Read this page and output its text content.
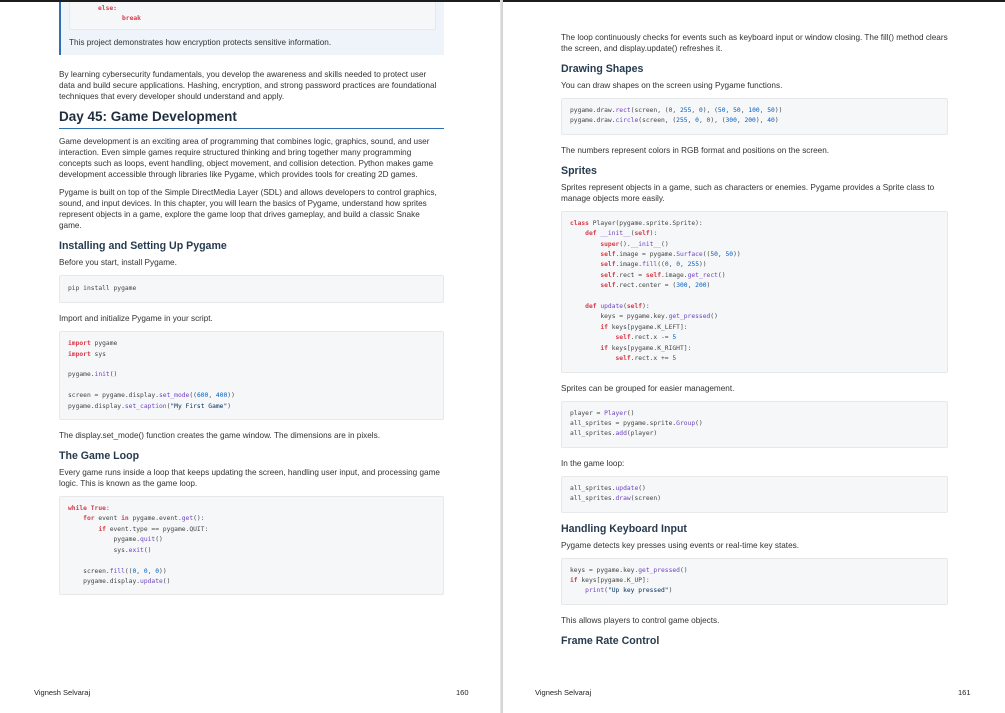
else:
break

This project demonstrates how encryption protects sensitive information.

By learning cybersecurity fundamentals, you develop the awareness and skills needed to protect user data and build secure applications. Hashing, encryption, and strong password practices are foundational techniques that every developer should understand and apply.

Day 45: Game Development

Game development is an exciting area of programming that combines logic, graphics, sound, and user interaction. Even simple games require structured thinking and bring together many programming concepts such as loops, event handling, object movement, and collision detection. Python makes game development accessible through libraries like Pygame, which provides tools for creating 2D games.

Pygame is built on top of the Simple DirectMedia Layer (SDL) and allows developers to control graphics, sound, and input devices. In this chapter, you will learn the basics of Pygame, understand how sprites represent objects in a game, explore the game loop that drives gameplay, and build a classic Snake game.

Installing and Setting Up Pygame

Before you start, install Pygame.

pip install pygame

Import and initialize Pygame in your script.

import pygame
import sys

pygame.init()

screen = pygame.display.set_mode((600, 400))
pygame.display.set_caption("My First Game")

The display.set_mode() function creates the game window. The dimensions are in pixels.

The Game Loop

Every game runs inside a loop that keeps updating the screen, handling user input, and processing game logic. This is known as the game loop.

while True:
for event in pygame.event.get():
if event.type == pygame.QUIT:
pygame.quit()
sys.exit()

screen.fill((0, 0, 0))
pygame.display.update()
Vignesh Selvaraj	160

The loop continuously checks for events such as keyboard input or window closing. The fill() method clears the screen, and display.update() refreshes it.

Drawing Shapes

You can draw shapes on the screen using Pygame functions.

pygame.draw.rect(screen, (0, 255, 0), (50, 50, 100, 50))
pygame.draw.circle(screen, (255, 0, 0), (300, 200), 40)

The numbers represent colors in RGB format and positions on the screen.

Sprites

Sprites represent objects in a game, such as characters or enemies. Pygame provides a Sprite class to manage objects more easily.

class Player(pygame.sprite.Sprite):
def __init__(self):
super().__init__()
self.image = pygame.Surface((50, 50))
self.image.fill((0, 0, 255))
self.rect = self.image.get_rect()
self.rect.center = (300, 200)

def update(self):
keys = pygame.key.get_pressed()
if keys[pygame.K_LEFT]:
self.rect.x -= 5
if keys[pygame.K_RIGHT]:
self.rect.x += 5

Sprites can be grouped for easier management.

player = Player()
all_sprites = pygame.sprite.Group()
all_sprites.add(player)

In the game loop:

all_sprites.update()
all_sprites.draw(screen)
Handling Keyboard Input

Pygame detects key presses using events or real-time key states.

keys = pygame.key.get_pressed()
if keys[pygame.K_UP]:
print("Up key pressed")

This allows players to control game objects.

Frame Rate Control
Vignesh Selvaraj	161
